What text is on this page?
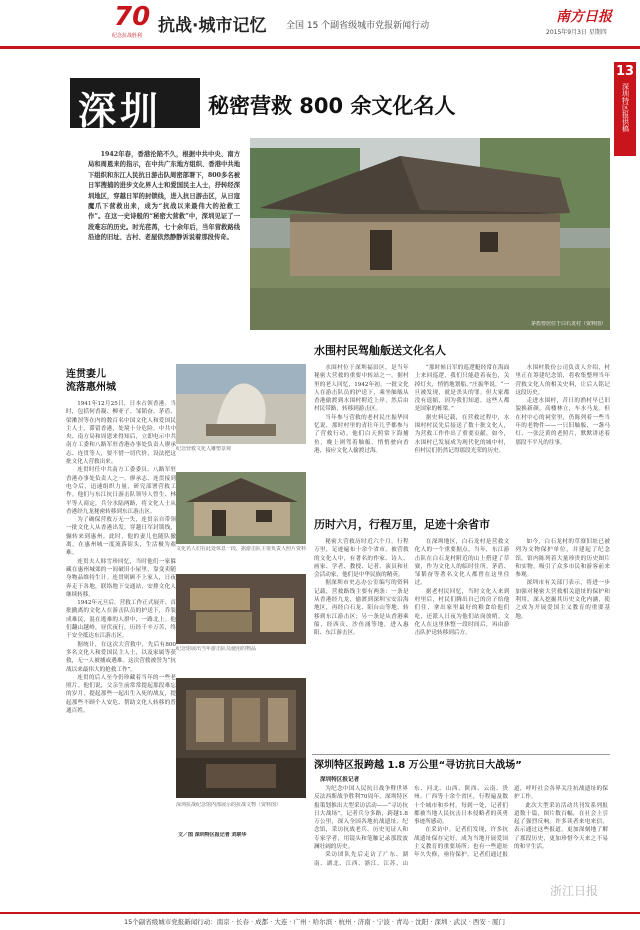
70
纪念抗战胜利 抗战·城市记忆 全国 15 个副省级城市党报新闻行动
南方日报
2015年9月3日 星期四
13
深圳特区报供稿
深圳 秘密营救 800 余文化名人
1942年春，香港沦陷不久，根据中共中央、南方局和周恩来的指示，在中共广东地方组织、香港中共地下组织和东江人民抗日游击队周密部署下，800多名被日军搜捕的进步文化界人士和爱国民主人士，抒转经深圳地区，穿越日军的封锁线，进入抗日游击区，从日寇魔爪下营救出来，成为“抗战以来最伟大的抢救工作”。在这一史诗般的“秘密大营救”中，深圳见证了一段难忘的历史。时光荏苒，七十余年后，当年营救路线沿途的旧址、古村、老屋依然静静诉说着那段传奇。
茅盾曾居住于白石龙村（资料图）
连贯妻儿
流落惠州城

1941年12月25日，日本占领香港。当时，包括何香凝、柳亚子、邹韬奋、茅盾、梁漱溟等在内的数百名中国文化人和爱国民主人士，滞留香港，处境十分危险。中共中央、南方局和周恩来得知后，立即电示中共南方工委和八路军驻香港办事处负责人廖承志、连贯等人，要不惜一切代价，设法把这批文化人营救出来。

连贯时任中共南方工委委员、八路军驻香港办事处负责人之一。廖承志、连贯接到电令后，迅速组织力量，研究部署营救工作。他们与东江抗日游击队领导人曾生、林平等人商定，兵分水陆两路，将文化人士从香港经九龙秘密转移到东江游击区。

为了确保营救万无一失，连贯亲自带领一批文化人从香港出发，穿越日军封锁线，辗转来到惠州。此时，他的妻儿也随队撤离，在惠州城一度流落街头，生活极为艰难。

连贯夫人韩雪珍回忆，当时他们一家躲藏在惠州城郊的一间破旧小屋里，靠变卖随身物品维持生计。连贯则顾不上家人，日夜奔走于各地，联络地下交通站，安排文化人继续转移。

1942年元旦后，营救工作正式展开。首批撤离的文化人在游击队员的护送下，乔装成难民，混在逃难的人群中，一路北上。他们翻山越岭，昼伏夜行，历经千辛万苦，终于安全抵达东江游击区。

据统计，在这次大营救中，先后有800多名文化人和爱国民主人士，以及家属等获救，无一人被捕或遇难。这次营救被誉为“抗战以来最伟大的抢救工作”。

连贯的后人至今仍珍藏着当年的一些老照片。他们说，父亲生前常常提起那段难忘的岁月，提起那些一起出生入死的战友，提起那些不顾个人安危、帮助文化人转移的普通百姓。

纪念营救文化人雕塑景观
文化名人们在此处休息一段，据游击队主要负责人照片资料
纪念馆展出当年游击队员使用的物品
深圳抗战纪念馆内部展示的抗战文物（资料图）
文／图 深圳特区报记者 刘联华
水围村民驾舢舨送文化名人

水围村位于深圳福田区，是当年秘密大营救的重要中转站之一。据村里的老人回忆，1942年初，一批文化人在游击队员的护送下，乘坐舢舨从香港偷渡到水围村附近上岸，然后由村民带路，转移到游击区。

当年参与营救的老村民庄振华回忆说，那时村里的青壮年几乎都参与了营救行动。他们白天照常下海捕鱼，晚上则驾着舢舨，悄悄驶向香港，接应文化人偷渡过海。

“那时候日军的巡逻艇经常在海面上来回巡逻，我们只能趁着夜色，关掉灯火，悄悄地划船。”庄振华说，“一旦被发现，就是杀头的罪。但大家都没有退缩，因为我们知道，这些人都是国家的栋梁。”

据史料记载，在营救过程中，水围村村民先后接送了数十批文化人，为营救工作作出了重要贡献。如今，水围村已发展成为现代化的城中村，但村民们仍然记得那段光荣的历史。

水围村股份公司负责人介绍，村里正在筹建纪念馆，将收集整理当年营救文化人的相关史料，让后人铭记这段历史。

走进水围村，昔日的渔村早已旧貌换新颜，高楼林立，车水马龙。但在村中心的祠堂里，仍陈列着一些当年的老物件——一只旧舢舨、一盏马灯、一张泛黄的老照片，默默讲述着那段不平凡的往事。

历时六月，行程万里，足迹十余省市

秘密大营救历时近六个月，行程万里，足迹遍布十余个省市。被营救的文化人中，有著名的作家、诗人、画家、学者、教授、记者、演员和社会活动家，他们是中华民族的精英。

据深圳市史志办公室编写的资料记载，营救路线主要有两条：一条是从香港经九龙，偷渡到深圳宝安沿海地区，再经白石龙、阳台山等地，转移到东江游击区；另一条是从香港乘船，经西贡、沙鱼涌等地，进入惠阳、东江游击区。

在深圳地区，白石龙村是营救文化人的一个重要据点。当年，东江游击队在白石龙村附近的山上搭建了草寮，作为文化人的临时住所。茅盾、邹韬奋等著名文化人都曾在这里住过。

据老村民回忆，当时文化人来到村里后，村民们腾出自己的房子给他们住，拿出家里最好的粮食给他们吃，还派人日夜为他们站岗放哨。文化人在这里休整一段时间后，再由游击队护送转移到后方。

如今，白石龙村的草寮旧址已被列为文物保护单位，并建起了纪念馆。馆内陈列着大量珍贵的历史图片和实物，吸引了众多市民和游客前来参观。

深圳市有关部门表示，将进一步加强对秘密大营救相关遗址的保护和利用，深入挖掘其历史文化内涵，使之成为开展爱国主义教育的重要基地。

深圳特区报跨越 1.8 万公里“寻访抗日大战场”
深圳特区报记者

为纪念中国人民抗日战争暨世界反法西斯战争胜利70周年，深圳特区报策划推出大型采访活动——“寻访抗日大战场”。记者兵分多路，跨越1.8万公里，深入全国各地抗战遗址、纪念馆，采访抗战老兵、历史见证人和专家学者，用镜头和笔触记录那段波澜壮阔的历史。

采访团队先后走访了广东、湖南、湖北、江西、浙江、江苏、山东、河北、山西、陕西、云南、贵州、广西等十余个省区，行程遍及数十个城市和乡村。每到一处，记者们都被当地人民抗击日本侵略者的英勇事迹所感动。

在采访中，记者们发现，许多抗战遗址保存完好，成为当地开展爱国主义教育的重要场所；也有一些遗址年久失修，亟待保护。记者们通过报道，呼吁社会各界关注抗战遗址的保护工作。

此次大型采访活动共刊发系列报道数十篇，图片数百幅，在社会上引起了强烈反响。许多读者来电来信，表示通过这些报道，更加深刻地了解了那段历史，更加珍惜今天来之不易的和平生活。

浙江日报
15个副省级城市党报新闻行动：南京 · 长春 · 成都 · 大连 · 广州 · 哈尔滨 · 杭州 · 济南 · 宁波 · 青岛 · 沈阳 · 深圳 · 武汉 · 西安 · 厦门
